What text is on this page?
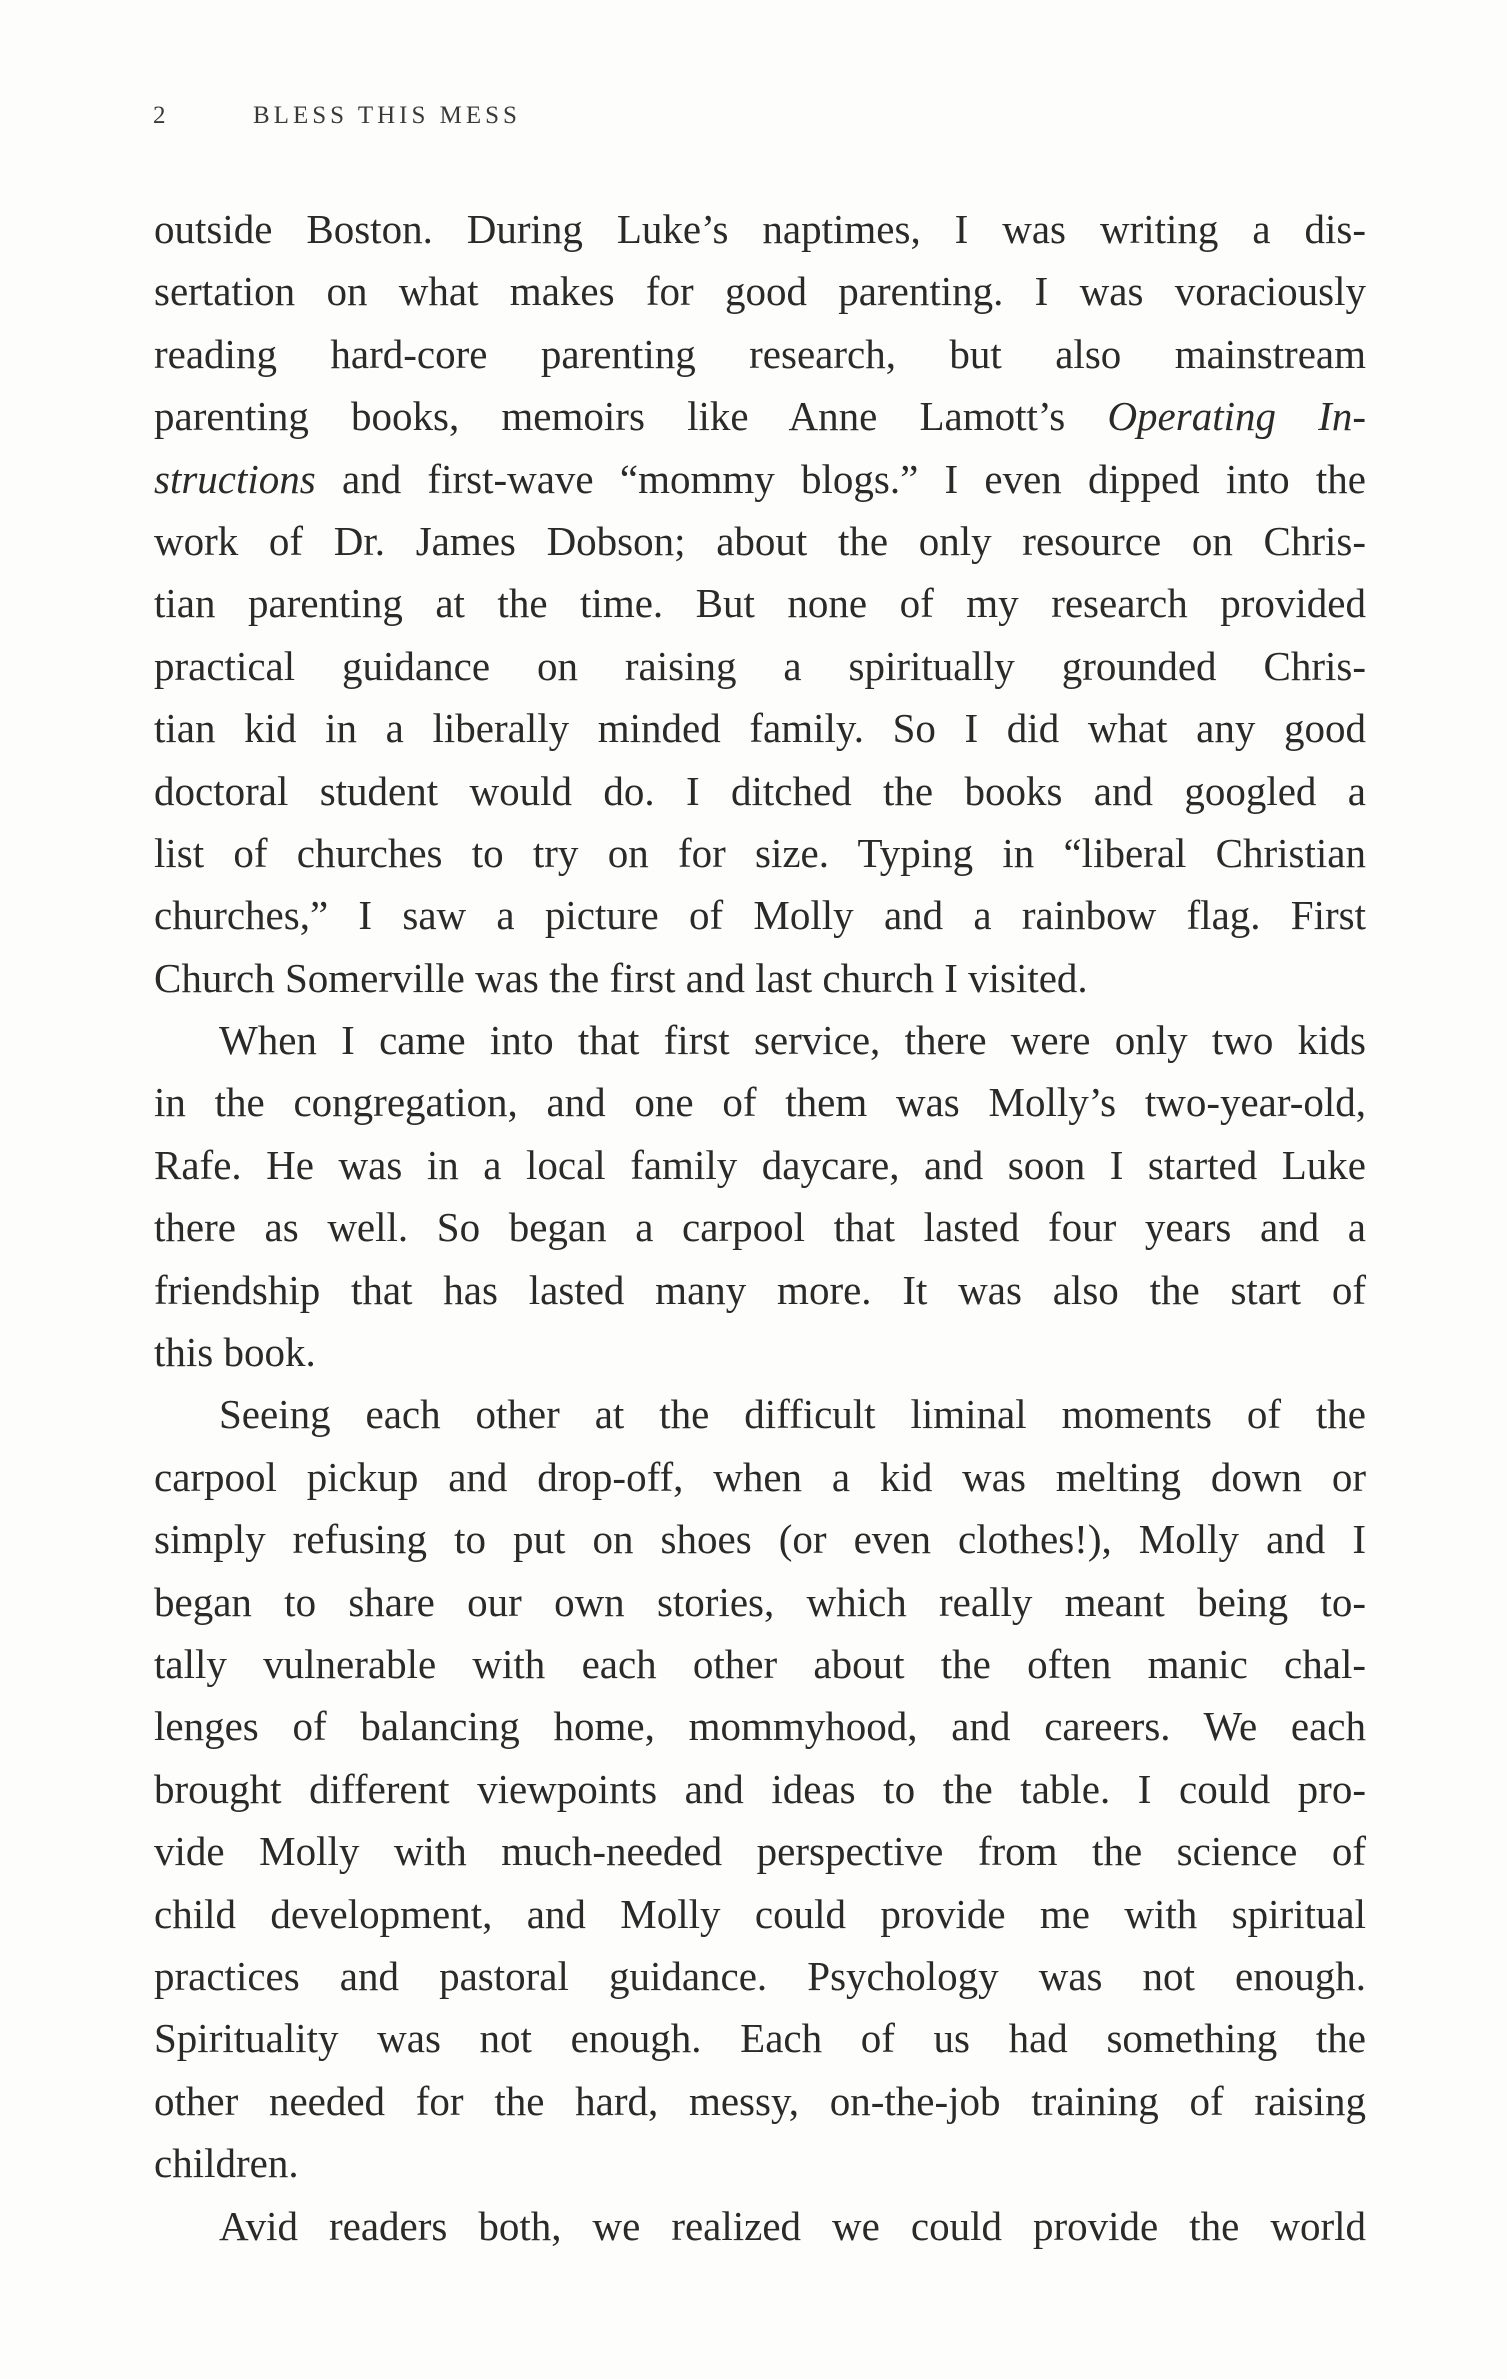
2	BLESS THIS MESS
outside Boston. During Luke’s naptimes, I was writing a dis-
sertation on what makes for good parenting. I was voraciously
reading hard-core parenting research, but also mainstream
parenting books, memoirs like Anne Lamott’s Operating In-
structions and first-wave “mommy blogs.” I even dipped into the
work of Dr. James Dobson; about the only resource on Chris-
tian parenting at the time. But none of my research provided
practical guidance on raising a spiritually grounded Chris-
tian kid in a liberally minded family. So I did what any good
doctoral student would do. I ditched the books and googled a
list of churches to try on for size. Typing in “liberal Christian
churches,” I saw a picture of Molly and a rainbow flag. First
Church Somerville was the first and last church I visited.
When I came into that first service, there were only two kids
in the congregation, and one of them was Molly’s two-year-old,
Rafe. He was in a local family daycare, and soon I started Luke
there as well. So began a carpool that lasted four years and a
friendship that has lasted many more. It was also the start of
this book.
Seeing each other at the difficult liminal moments of the
carpool pickup and drop-off, when a kid was melting down or
simply refusing to put on shoes (or even clothes!), Molly and I
began to share our own stories, which really meant being to-
tally vulnerable with each other about the often manic chal-
lenges of balancing home, mommyhood, and careers. We each
brought different viewpoints and ideas to the table. I could pro-
vide Molly with much-needed perspective from the science of
child development, and Molly could provide me with spiritual
practices and pastoral guidance. Psychology was not enough.
Spirituality was not enough. Each of us had something the
other needed for the hard, messy, on-the-job training of raising
children.
Avid readers both, we realized we could provide the world
